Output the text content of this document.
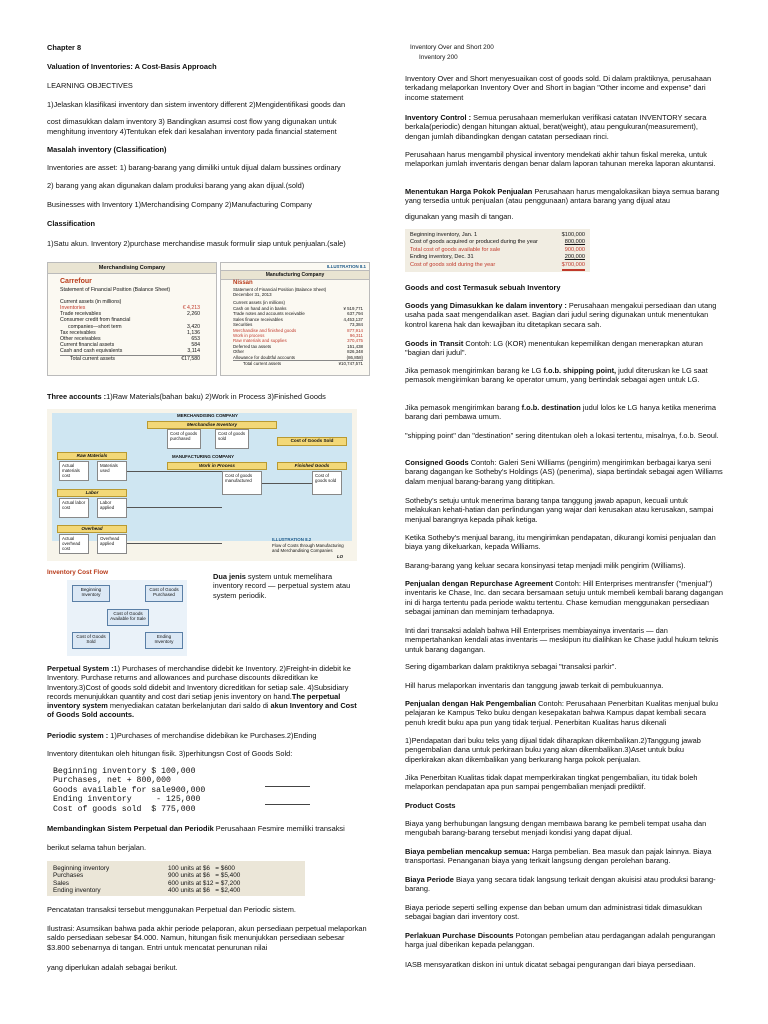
Chapter 8
Valuation of Inventories: A Cost-Basis Approach
LEARNING OBJECTIVES
1)Jelaskan klasifikasi inventory dan sistem inventory different 2)Mengidentifikasi goods dan
cost dimasukkan dalam inventory 3) Bandingkan asumsi cost flow yang digunakan untuk
menghitung inventory 4)Tentukan efek dari kesalahan inventory pada financial statement
Masalah inventory (Classification)
Inventories are asset: 1) barang-barang yang dimiliki untuk dijual dalam bussines ordinary
2) barang yang akan digunakan dalam produksi barang yang akan dijual.(sold)
Businesses with Inventory 1)Merchandising Company 2)Manufacturing Company
Classification
1)Satu akun. Inventory 2)purchase merchandise masuk formulir siap untuk penjualan.(sale)
Merchandising Company
Carrefour
Statement of Financial Position (Balance Sheet)
Current assets (in millions)
Inventories	€ 4,213
Trade receivables	2,260
Consumer credit from financial
companies—short term	3,420
Tax receivables	1,136
Other receivables	653
Current financial assets	584
Cash and cash equivalents	3,114
Total current assets	€17,580
ILLUSTRATION 8.1
Manufacturing Company
Nissan
Statement of Financial Position (Balance Sheet)
December 31, 2013
Current assets (in millions)
Cash on hand and in banks	¥ 519,771
Trade notes and accounts receivable	637,794
Sales finance receivables	4,453,137
Securities	73,384
Merchandise and finished goods	877,914
Work in process	96,311
Raw materials and supplies	370,475
Deferred tax assets	151,438
Other	826,348
Allowance for doubtful accounts	(86,858)
Total current assets	¥10,747,571
Three accounts :1)Raw Materials(bahan baku) 2)Work in Process 3)Finished Goods
MERCHANDISING COMPANY
Merchandise Inventory
Cost of goods purchased
Cost of goods sold	Cost of Goods Sold
MANUFACTURING COMPANY
Raw Materials
Actual materials cost
Materials used
Work in Process
Cost of goods manufactured
Finished Goods
Cost of goods sold
Labor
Actual labor cost
Labor applied
Overhead
Actual overhead cost
Overhead applied
ILLUSTRATION 8.2
Flow of Costs through Manufacturing and Merchandising Companies
LO
Inventory Cost Flow
Beginning Inventory
Cost of Goods Purchased
Cost of Goods Available for Sale
Cost of Goods Sold
Ending Inventory
Dua jenis system untuk memelihara inventory record — perpetual system atau system periodik.
Perpetual System :1) Purchases of merchandise didebit ke Inventory. 2)Freight-in didebit ke Inventory. Purchase returns and allowances and purchase discounts dikreditkan ke Inventory.3)Cost of goods sold didebit and Inventory dicreditkan for setiap sale. 4)Subsidiary records menunjukkan quantity and cost dari setiap jenis inventory on hand.The perpetual inventory system menyediakan catatan berkelanjutan dari saldo di akun Inventory and Cost of Goods Sold accounts.
Periodic system : 1)Purchases of merchandise didebikan ke Purchases.2)Ending
Inventory ditentukan oleh hitungan fisik. 3)perhitungsn Cost of Goods Sold:
Beginning inventory $ 100,000
Purchases, net + 800,000
Goods available for sale900,000
Ending inventory     - 125,000
Cost of goods sold  $ 775,000
Membandingkan Sistem Perpetual dan Periodik Perusahaan Fesmire memiliki transaksi
berikut selama tahun berjalan.
Beginning inventory	100 units at $6   = $600
Purchases	900 units at $6   = $5,400
Sales	600 units at $12 = $7,200
Ending inventory	400 units at $6   = $2,400
Pencatatan transaksi tersebut menggunakan Perpetual dan Periodic sistem.
Ilustrasi: Asumsikan bahwa pada akhir periode pelaporan, akun persediaan perpetual melaporkan saldo persediaan sebesar $4.000. Namun, hitungan fisik menunjukkan persediaan sebesar $3.800 sebenarnya di tangan. Entri untuk mencatat penurunan nilai
yang diperlukan adalah sebagai berikut.
Inventory Over and Short 200
Inventory 200
Inventory Over and Short menyesuaikan cost of goods sold. Di dalam praktiknya, perusahaan terkadang melaporkan Inventory Over and Short in bagian "Other income and expense" dari income statement
Inventory Control : Semua perusahaan memerlukan verifikasi catatan INVENTORY secara berkala(periodic) dengan hitungan aktual, berat(weight), atau pengukuran(measurement), dengan jumlah dibandingkan dengan catatan persediaan rinci.
Perusahaan harus mengambil physical inventory mendekati akhir tahun fiskal mereka, untuk melaporkan jumlah inventaris dengan benar dalam laporan tahunan mereka laporan akuntansi.
Menentukan Harga Pokok Penjualan Perusahaan harus mengalokasikan biaya semua barang yang tersedia untuk penjualan (atau penggunaan) antara barang yang dijual atau
digunakan yang masih di tangan.
Beginning inventory, Jan. 1	$100,000
Cost of goods acquired or produced during the year	800,000
Total cost of goods available for sale	900,000
Ending inventory, Dec. 31	200,000
Cost of goods sold during the year	$700,000
Goods and cost Termasuk sebuah Inventory
Goods yang Dimasukkan ke dalam inventory : Perusahaan mengakui persediaan dan utang usaha pada saat mengendalikan aset. Bagian dari judul sering digunakan untuk menentukan kontrol karena hak dan kewajiban itu ditetapkan secara sah.
Goods in Transit Contoh: LG (KOR) menentukan kepemilikan dengan menerapkan aturan "bagian dari judul".
Jika pemasok mengirimkan barang ke LG f.o.b. shipping point, judul diteruskan ke LG saat pemasok mengirimkan barang ke operator umum, yang bertindak sebagai agen untuk LG.
Jika pemasok mengirimkan barang f.o.b. destination judul lolos ke LG hanya ketika menerima barang dari pembawa umum.
"shipping point" dan "destination" sering ditentukan oleh a lokasi tertentu, misalnya, f.o.b. Seoul.
Consigned Goods Contoh: Galeri Seni Williams (pengirim) mengirimkan berbagai karya seni barang dagangan ke Sotheby's Holdings (AS) (penerima), siapa bertindak sebagai agen Williams dalam menjual barang-barang yang dititipkan.
Sotheby's setuju untuk menerima barang tanpa tanggung jawab apapun, kecuali untuk melakukan kehati-hatian dan perlindungan yang wajar dari kerusakan atau kerusakan, sampai menjual barangnya kepada pihak ketiga.
Ketika Sotheby's menjual barang, itu mengirimkan pendapatan, dikurangi komisi penjualan dan biaya yang dikeluarkan, kepada Williams.
Barang-barang yang keluar secara konsinyasi tetap menjadi milik pengirim (Williams).
Penjualan dengan Repurchase Agreement Contoh: Hill Enterprises mentransfer ("menjual") inventaris ke Chase, Inc. dan secara bersamaan setuju untuk membeli kembali barang dagangan ini di harga tertentu pada periode waktu tertentu. Chase kemudian menggunakan persediaan sebagai jaminan dan meminjam terhadapnya.
Inti dari transaksi adalah bahwa Hill Enterprises membiayainya inventaris — dan mempertahankan kendali atas inventaris — meskipun itu dialihkan ke Chase judul hukum teknis untuk barang dagangan.
Sering digambarkan dalam praktiknya sebagai "transaksi parkir".
Hill harus melaporkan inventaris dan tanggung jawab terkait di pembukuannya.
Penjualan dengan Hak Pengembalian Contoh: Perusahaan Penerbitan Kualitas menjual buku pelajaran ke Kampus Teko buku dengan kesepakatan bahwa Kampus dapat kembali secara penuh kredit buku apa pun yang tidak terjual. Penerbitan Kualitas harus dikenali
1)Pendapatan dari buku teks yang dijual tidak diharapkan dikembalikan.2)Tanggung jawab pengembalian dana untuk perkiraan buku yang akan dikembalikan.3)Aset untuk buku diperkirakan akan dikembalikan yang berkurang harga pokok penjualan.
Jika Penerbitan Kualitas tidak dapat memperkirakan tingkat pengembalian, itu tidak boleh melaporkan pendapatan apa pun sampai pengembalian menjadi prediktif.
Product Costs
Biaya yang berhubungan langsung dengan membawa barang ke pembeli tempat usaha dan mengubah barang-barang tersebut menjadi kondisi yang dapat dijual.
Biaya pembelian mencakup semua: Harga pembelian. Bea masuk dan pajak lainnya. Biaya transportasi. Penanganan biaya yang terkait langsung dengan perolehan barang.
Biaya Periode Biaya yang secara tidak langsung terkait dengan akuisisi atau produksi barang-barang.
Biaya periode seperti selling expense dan beban umum dan administrasi tidak dimasukkan sebagai bagian dari inventory cost.
Perlakuan Purchase Discounts Potongan pembelian atau perdagangan adalah pengurangan harga jual diberikan kepada pelanggan.
IASB mensyaratkan diskon ini untuk dicatat sebagai pengurangan dari biaya persediaan.
